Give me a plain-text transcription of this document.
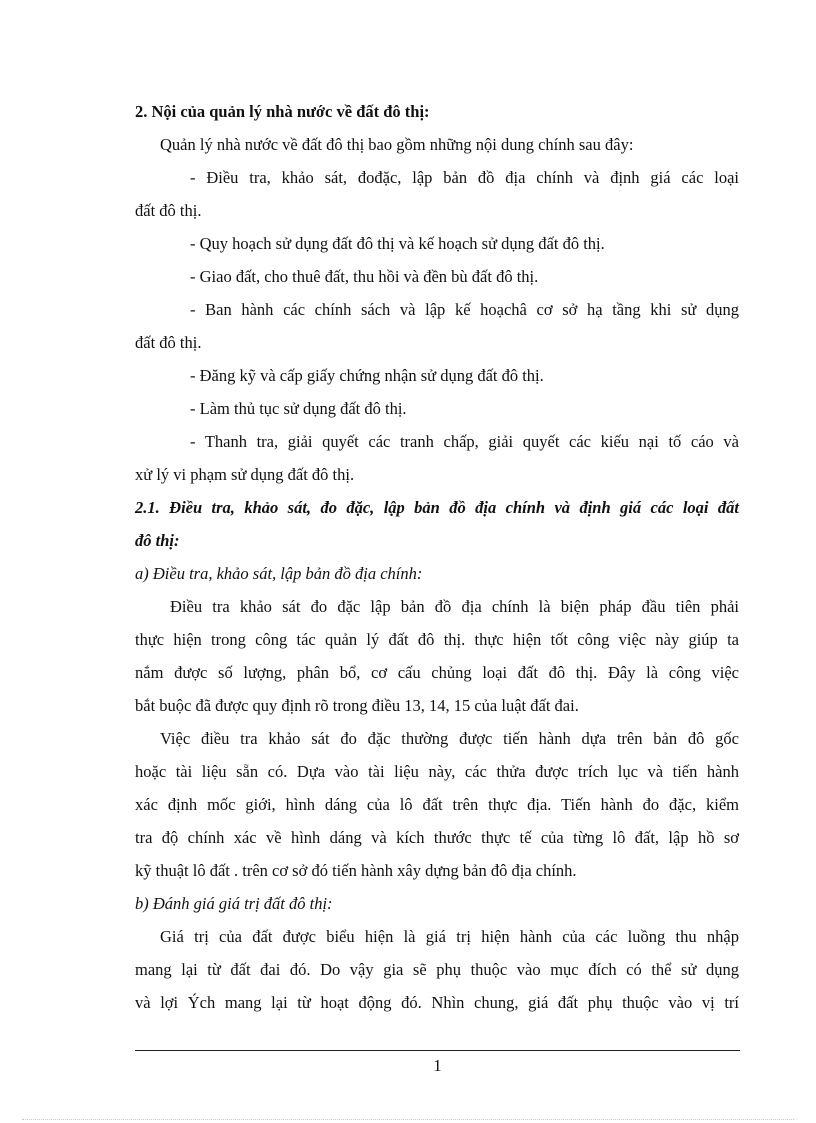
2. Nội của quản lý nhà nước về đất đô thị:
Quản lý nhà nước về đất đô thị bao gồm những nội dung chính sau đây:
- Điều tra, khảo sát, đođặc, lập bản đồ địa chính và định giá các loại
đất đô thị.
- Quy hoạch sử dụng đất đô thị và kế hoạch sử dụng đất đô thị.
- Giao đất, cho thuê đất, thu hồi và đền bù đất đô thị.
- Ban hành các chính sách và lập kế hoạchâ cơ sở hạ tầng khi sử dụng
đất đô thị.
- Đăng kỹ và cấp giấy chứng nhận sử dụng đất đô thị.
- Làm thủ tục sử dụng đất đô thị.
- Thanh tra, giải quyết các tranh chấp, giải quyết các kiếu nại tố cáo và
xử lý vi phạm sử dụng đất đô thị.
2.1. Điều tra, khảo sát, đo đặc, lập bản đồ địa chính và định giá các loại đất
đô thị:
a) Điều tra, khảo sát, lập bản đồ địa chính:
Điều tra khảo sát đo đặc lập bản đồ địa chính là biện pháp đầu tiên phải
thực hiện trong công tác quản lý đất đô thị. thực hiện tốt công việc này giúp ta
nắm được số lượng, phân bổ, cơ cấu chủng loại đất đô thị. Đây là công việc
bắt buộc đã được quy định rõ trong điều 13, 14, 15 của luật đất đai.
Việc điều tra khảo sát đo đặc thường được tiến hành dựa trên bản đô gốc
hoặc tài liệu sẵn có. Dựa vào tài liệu này, các thửa được trích lục và tiến hành
xác định mốc giới, hình dáng của lô đất trên thực địa. Tiến hành đo đặc, kiểm
tra độ chính xác về hình dáng và kích thước thực tế của từng lô đất, lập hồ sơ
kỹ thuật lô đất . trên cơ sở đó tiến hành xây dựng bản đô địa chính.
b) Đánh giá giá trị đất đô thị:
Giá trị của đất được biểu hiện là giá trị hiện hành của các luồng thu nhập
mang lại từ đất đai đó. Do vậy gia sẽ phụ thuộc vào mục đích có thể sử dụng
và lợi Ých mang lại từ hoạt động đó. Nhìn chung, giá đất phụ thuộc vào vị trí
1
